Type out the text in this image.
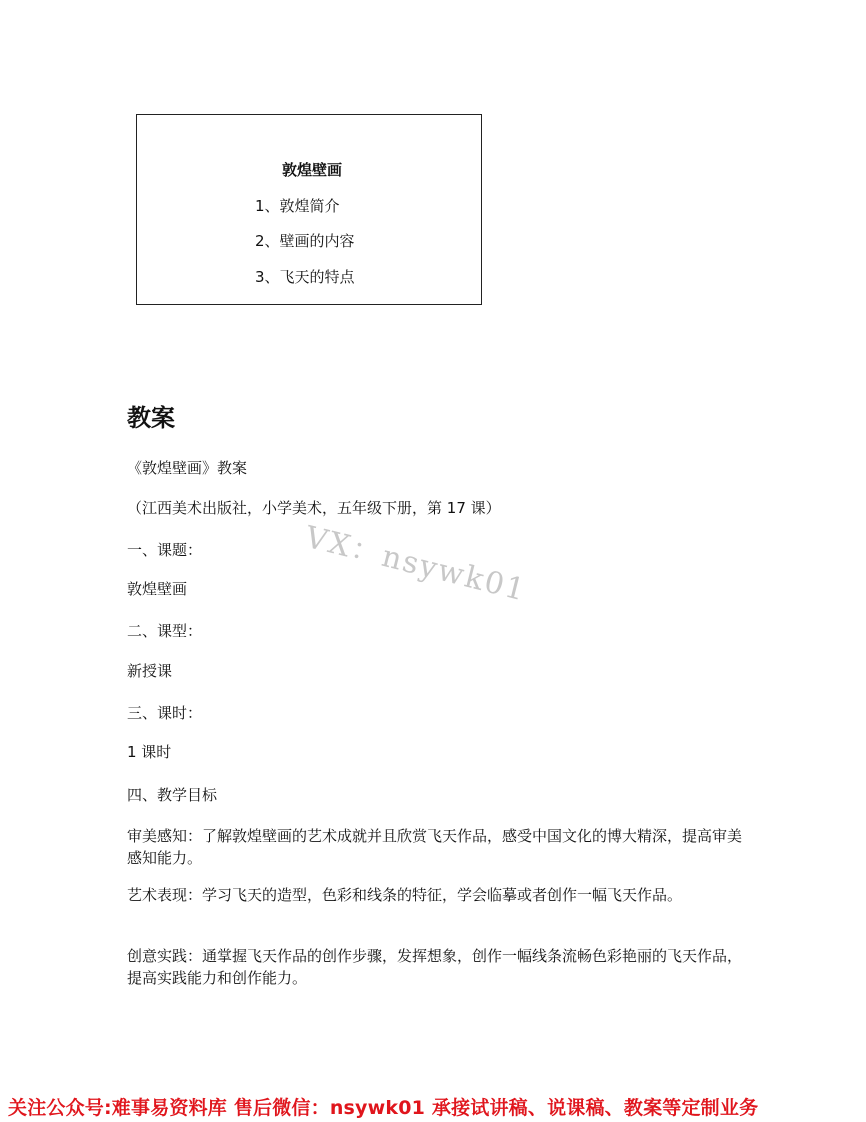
敦煌壁画
1、敦煌简介
2、壁画的内容
3、飞天的特点
教案

《敦煌壁画》教案

（江西美术出版社，小学美术，五年级下册，第 17 课）

一、课题：

敦煌壁画

二、课型：

新授课

三、课时：

1 课时

四、教学目标

审美感知：了解敦煌壁画的艺术成就并且欣赏飞天作品，感受中国文化的博大精深，提高审美感知能力。

艺术表现：学习飞天的造型，色彩和线条的特征，学会临摹或者创作一幅飞天作品。

创意实践：通掌握飞天作品的创作步骤，发挥想象，创作一幅线条流畅色彩艳丽的飞天作品，提高实践能力和创作能力。

VX：nsywk01
关注公众号:难事易资料库 售后微信：nsywk01 承接试讲稿、说课稿、教案等定制业务
